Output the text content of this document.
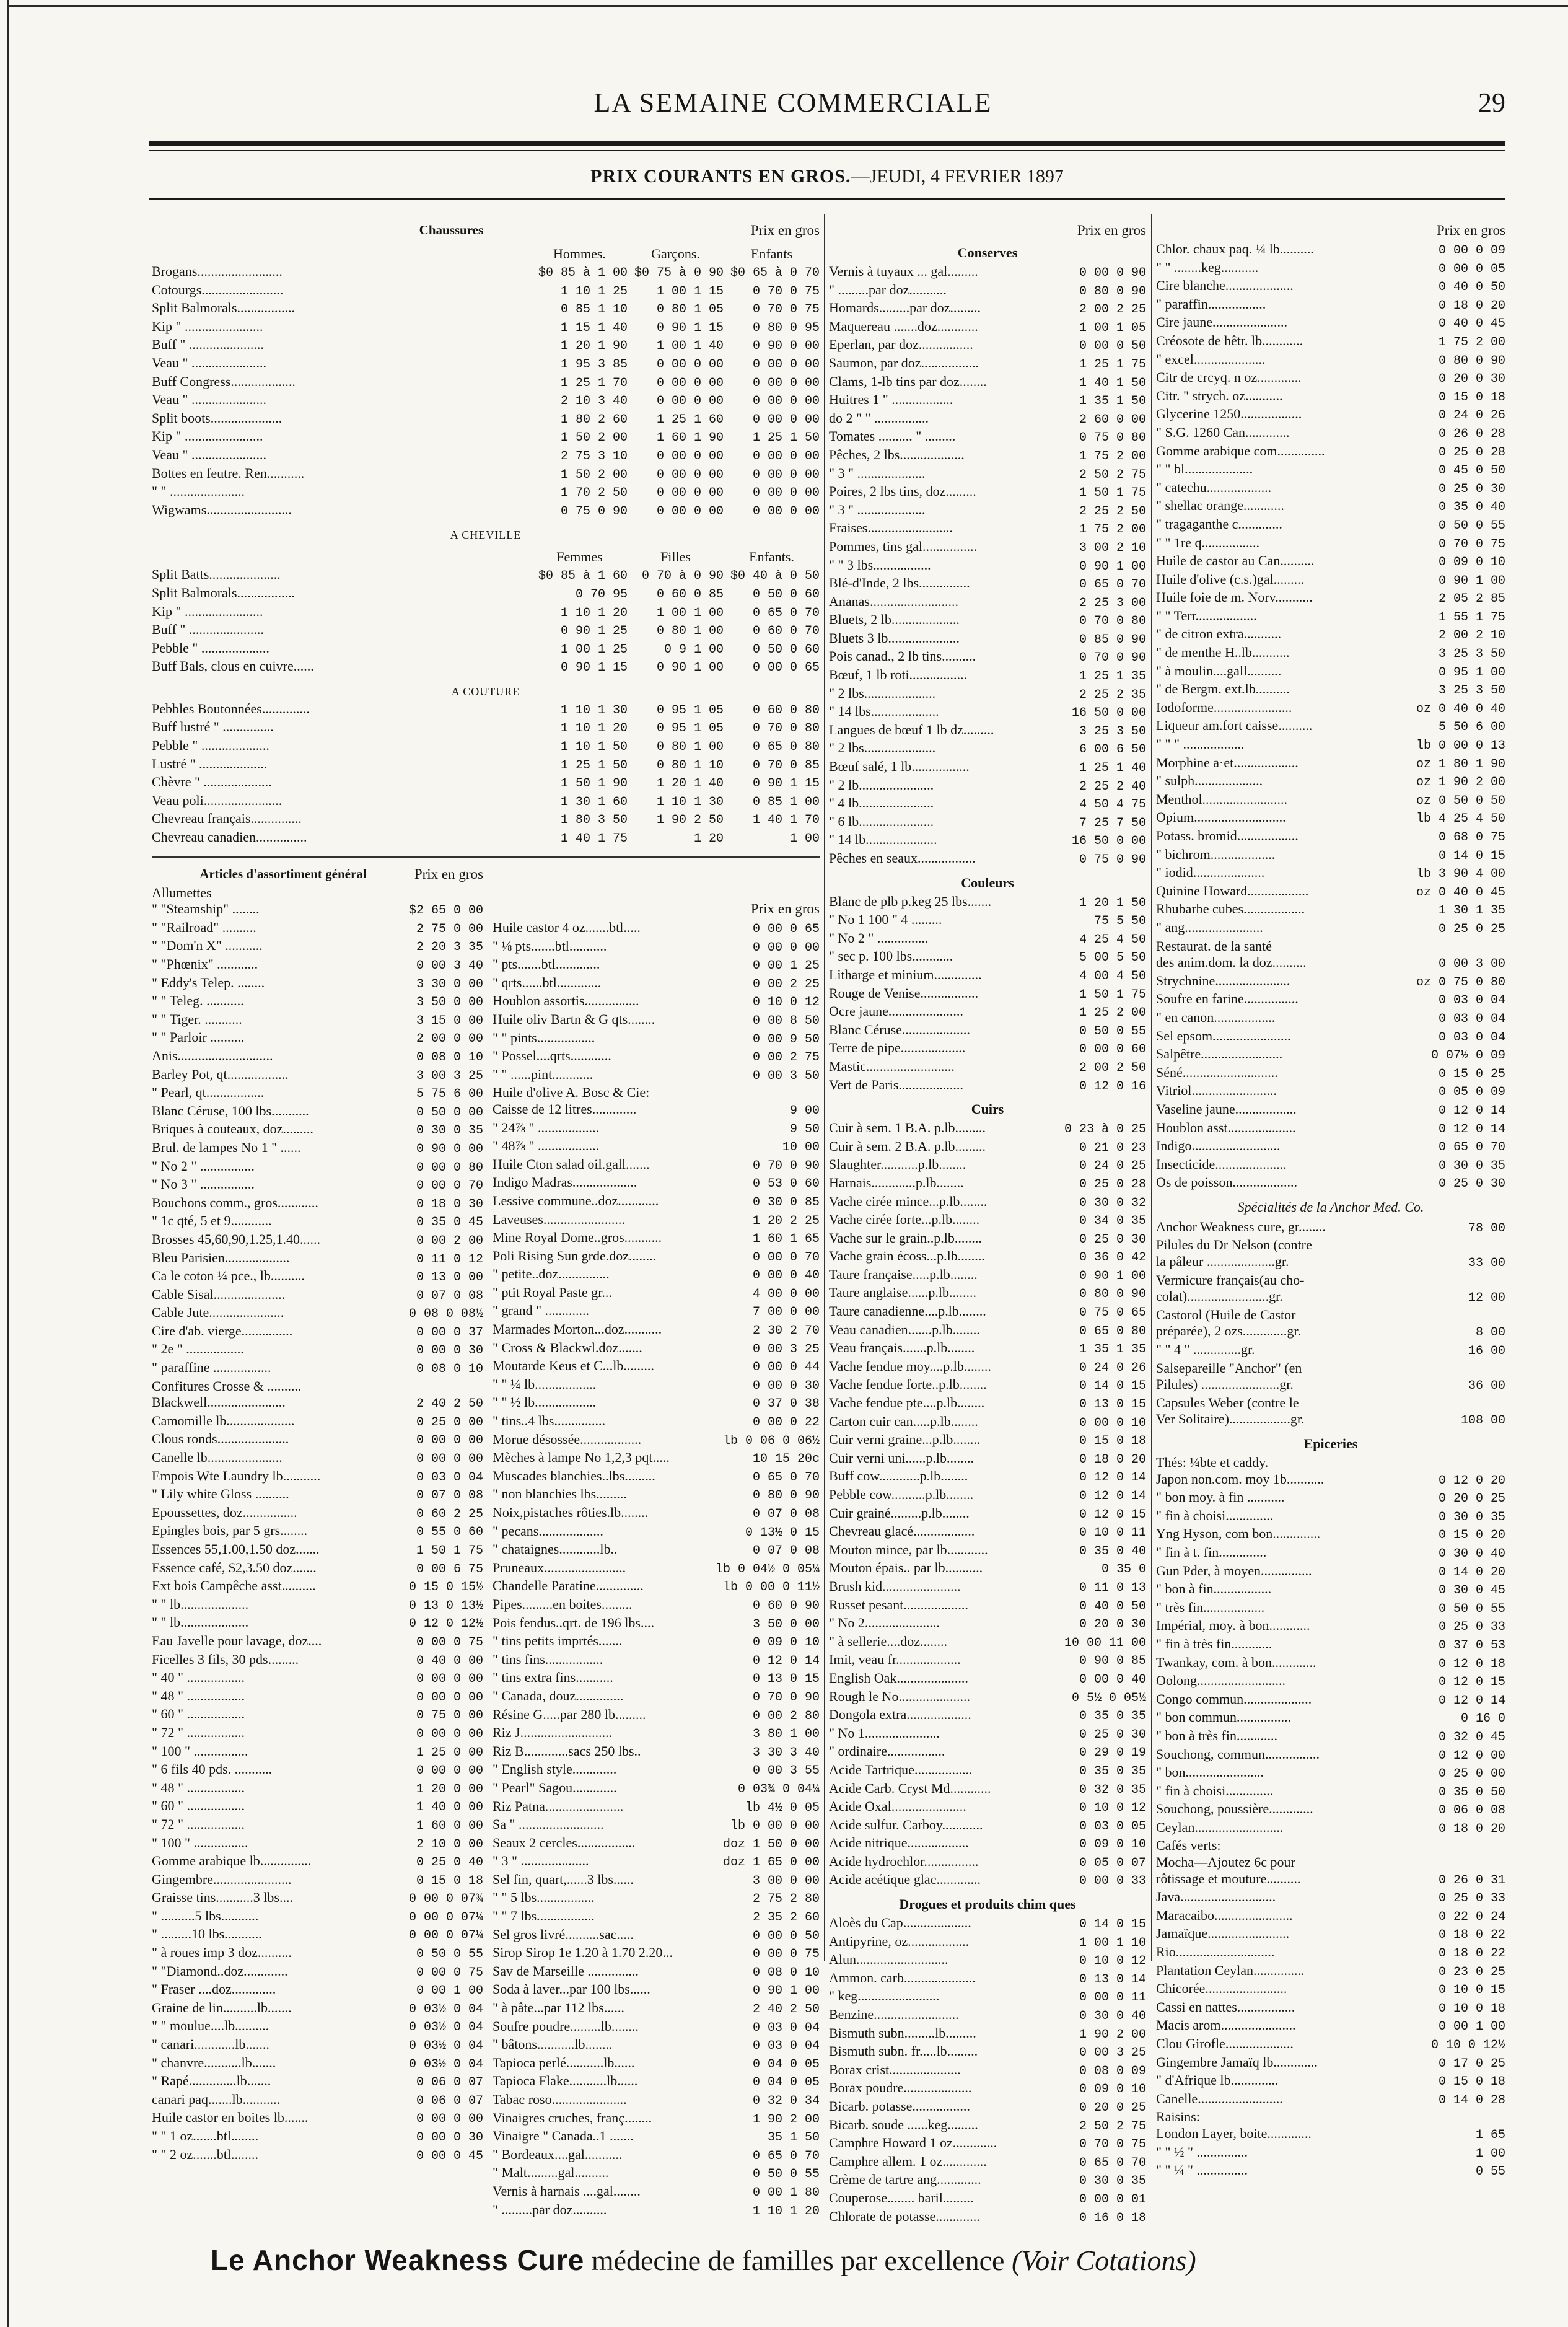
LA SEMAINE COMMERCIALE	29
PRIX COURANTS EN GROS.—JEUDI, 4 FEVRIER 1897
Chaussures	Prix en gros
Hommes.	Garçons.	Enfants
Brogans.........................	$0 85 à 1 00 $0 75 à 0 90 $0 65 à 0 70
Cotourgs........................	1 10 1 25	1 00 1 15	0 70 0 75
Split Balmorals.................	0 85 1 10	0 80 1 05	0 70 0 75
Kip " .......................	1 15 1 40	0 90 1 15	0 80 0 95
Buff " ......................	1 20 1 90	1 00 1 40	0 90 0 00
Veau " ......................	1 95 3 85	0 00 0 00	0 00 0 00
Buff Congress...................	1 25 1 70	0 00 0 00	0 00 0 00
Veau " ......................	2 10 3 40	0 00 0 00	0 00 0 00
Split boots.....................	1 80 2 60	1 25 1 60	0 00 0 00
Kip " .......................	1 50 2 00	1 60 1 90	1 25 1 50
Veau " ......................	2 75 3 10	0 00 0 00	0 00 0 00
Bottes en feutre. Ren...........	1 50 2 00	0 00 0 00	0 00 0 00
" " ......................	1 70 2 50	0 00 0 00	0 00 0 00
Wigwams.........................	0 75 0 90	0 00 0 00	0 00 0 00
A CHEVILLE
Femmes	Filles	Enfants.
Split Batts.....................	$0 85 à 1 60	0 70 à 0 90 $0 40 à 0 50
Split Balmorals.................	0 70 95	0 60 0 85	0 50 0 60
Kip " .......................	1 10 1 20	1 00 1 00	0 65 0 70
Buff " ......................	0 90 1 25	0 80 1 00	0 60 0 70
Pebble " ....................	1 00 1 25	0 9 1 00	0 50 0 60
Buff Bals, clous en cuivre......	0 90 1 15	0 90 1 00	0 00 0 65
A COUTURE
Pebbles Boutonnées..............	1 10 1 30	0 95 1 05	0 60 0 80
Buff lustré " ...............	1 10 1 20	0 95 1 05	0 70 0 80
Pebble " ....................	1 10 1 50	0 80 1 00	0 65 0 80
Lustré " ....................	1 25 1 50	0 80 1 10	0 70 0 85
Chèvre " ....................	1 50 1 90	1 20 1 40	0 90 1 15
Veau poli.......................	1 30 1 60	1 10 1 30	0 85 1 00
Chevreau français...............	1 80 3 50	1 90 2 50	1 40 1 70
Chevreau canadien...............	1 40 1 75	1 20	1 00
Articles d'assortiment général	Prix en gros
Allumettes
" "Steamship" ........	$2 65 0 00
" "Railroad" ..........	2 75 0 00
" "Dom'n X" ...........	2 20 3 35
" "Phœnix" ............	0 00 3 40
" Eddy's Telep. ........	3 30 0 00
" " Teleg. ...........	3 50 0 00
" " Tiger. ...........	3 15 0 00
" " Parloir ..........	2 00 0 00
Anis............................	0 08 0 10
Barley Pot, qt..................	3 00 3 25
" Pearl, qt.................	5 75 6 00
Blanc Céruse, 100 lbs...........	0 50 0 00
Briques à couteaux, doz.........	0 30 0 35
Brul. de lampes No 1 " ......	0 90 0 00
" No 2 " ................	0 00 0 80
" No 3 " ................	0 00 0 70
Bouchons comm., gros............	0 18 0 30
" 1c qté, 5 et 9............	0 35 0 45
Brosses 45,60,90,1.25,1.40......	0 00 2 00
Bleu Parisien...................	0 11 0 12
Ca le coton ¼ pce., lb..........	0 13 0 00
Cable Sisal.....................	0 07 0 08
Cable Jute......................	0 08 0 08½
Cire d'ab. vierge...............	0 00 0 37
" 2e " .................	0 00 0 30
" paraffine .................	0 08 0 10
Confitures Crosse & ..........
Blackwell.......................	2 40 2 50
Camomille lb....................	0 25 0 00
Clous ronds.....................	0 00 0 00
Canelle lb......................	0 00 0 00
Empois Wte Laundry lb...........	0 03 0 04
" Lily white Gloss ..........	0 07 0 08
Epoussettes, doz................	0 60 2 25
Epingles bois, par 5 grs........	0 55 0 60
Essences 55,1.00,1.50 doz.......	1 50 1 75
Essence café, $2,3.50 doz.......	0 00 6 75
Ext bois Campêche asst..........	0 15 0 15½
" " lb....................	0 13 0 13½
" " lb....................	0 12 0 12½
Eau Javelle pour lavage, doz....	0 00 0 75
Ficelles 3 fils, 30 pds.........	0 40 0 00
" 40 " .................	0 00 0 00
" 48 " .................	0 00 0 00
" 60 " .................	0 75 0 00
" 72 " .................	0 00 0 00
" 100 " ................	1 25 0 00
" 6 fils 40 pds. ...........	0 00 0 00
" 48 " .................	1 20 0 00
" 60 " .................	1 40 0 00
" 72 " .................	1 60 0 00
" 100 " ................	2 10 0 00
Gomme arabique lb...............	0 25 0 40
Gingembre.......................	0 15 0 18
Graisse tins...........3 lbs....	0 00 0 07¾
" ..........5 lbs...........	0 00 0 07¼
" .........10 lbs...........	0 00 0 07¼
" à roues imp 3 doz..........	0 50 0 55
" "Diamond..doz.............	0 00 0 75
" Fraser ....doz.............	0 00 1 00
Graine de lin..........lb.......	0 03½ 0 04
" " moulue....lb..........	0 03½ 0 04
" canari............lb.......	0 03½ 0 04
" chanvre...........lb.......	0 03½ 0 04
" Rapé..............lb.......	0 06 0 07
canari paq.......lb...........	0 06 0 07
Huile castor en boites lb.......	0 00 0 00
" " 1 oz.......btl........	0 00 0 30
" " 2 oz.......btl........	0 00 0 45
Prix en gros
Huile castor 4 oz.......btl.....	0 00 0 65
" ⅛ pts.......btl...........	0 00 0 00
" pts.......btl.............	0 00 1 25
" qrts......btl.............	0 00 2 25
Houblon assortis................	0 10 0 12
Huile oliv Bartn & G qts........	0 00 8 50
" " pints.................	0 00 9 50
" Possel....qrts............	0 00 2 75
" " ......pint............	0 00 3 50
Huile d'olive A. Bosc & Cie:
Caisse de 12 litres.............	9 00
" 24⅞ " ..................	9 50
" 48⅞ " ..................	10 00
Huile Cton salad oil.gall.......	0 70 0 90
Indigo Madras...................	0 53 0 60
Lessive commune..doz............	0 30 0 85
Laveuses........................	1 20 2 25
Mine Royal Dome..gros...........	1 60 1 65
Poli Rising Sun grde.doz........	0 00 0 70
" petite..doz...............	0 00 0 40
" ptit Royal Paste gr...	4 00 0 00
" grand " .............	7 00 0 00
Marmades Morton...doz...........	2 30 2 70
" Cross & Blackwl.doz.......	0 00 3 25
Moutarde Keus et C...lb.........	0 00 0 44
" " ¼ lb..................	0 00 0 30
" " ½ lb..................	0 37 0 38
" tins..4 lbs...............	0 00 0 22
Morue désossée..................	lb 0 06 0 06½
Mèches à lampe No 1,2,3 pqt.....	10 15 20c
Muscades blanchies..lbs.........	0 65 0 70
" non blanchies lbs.........	0 80 0 90
Noix,pistaches rôties.lb........	0 07 0 08
" pecans...................	0 13½ 0 15
" chataignes............lb..	0 07 0 08
Pruneaux........................	lb 0 04½ 0 05¼
Chandelle Paratine..............	lb 0 00 0 11½
Pipes.........en boites.........	0 60 0 90
Pois fendus..qrt. de 196 lbs....	3 50 0 00
" tins petits imprtés.......	0 09 0 10
" tins fins.................	0 12 0 14
" tins extra fins...........	0 13 0 15
" Canada, douz..............	0 70 0 90
Résine G.....par 280 lb.........	0 00 2 80
Riz J...........................	3 80 1 00
Riz B.............sacs 250 lbs..	3 30 3 40
" English style.............	0 00 3 55
" Pearl" Sagou.............	0 03¾ 0 04¼
Riz Patna.......................	lb 4½ 0 05
Sa " .........................	lb 0 00 0 00
Seaux 2 cercles.................	doz 1 50 0 00
" 3 " ....................	doz 1 65 0 00
Sel fin, quart,......3 lbs......	3 00 0 00
" " 5 lbs.................	2 75 2 80
" " 7 lbs.................	2 35 2 60
Sel gros livré..........sac.....	0 00 0 50
Sirop Sirop 1e 1.20 à 1.70 2.20...	0 00 0 75
Sav de Marseille ...............	0 08 0 10
Soda à laver...par 100 lbs......	0 90 1 00
" à pâte...par 112 lbs......	2 40 2 50
Soufre poudre.........lb........	0 03 0 04
" bâtons...........lb........	0 03 0 04
Tapioca perlé...........lb......	0 04 0 05
Tapioca Flake...........lb......	0 04 0 05
Tabac roso......................	0 32 0 34
Vinaigres cruches, franç........	1 90 2 00
Vinaigre " Canada..1 .......	35 1 50
" Bordeaux....gal...........	0 65 0 70
" Malt.........gal..........	0 50 0 55
Vernis à harnais ....gal........	0 00 1 80
" .........par doz..........	1 10 1 20
Prix en gros
Conserves
Vernis à tuyaux ... gal.........	0 00 0 90
" .........par doz...........	0 80 0 90
Homards.........par doz.........	2 00 2 25
Maquereau .......doz............	1 00 1 05
Eperlan, par doz................	0 00 0 50
Saumon, par doz.................	1 25 1 75
Clams, 1-lb tins par doz........	1 40 1 50
Huitres 1 " ..................	1 35 1 50
do 2 " " ................	2 60 0 00
Tomates .......... " .........	0 75 0 80
Pêches, 2 lbs...................	1 75 2 00
" 3 " ....................	2 50 2 75
Poires, 2 lbs tins, doz.........	1 50 1 75
" 3 " ....................	2 25 2 50
Fraises.........................	1 75 2 00
Pommes, tins gal................	3 00 2 10
" " 3 lbs.................	0 90 1 00
Blé-d'Inde, 2 lbs...............	0 65 0 70
Ananas..........................	2 25 3 00
Bluets, 2 lb....................	0 70 0 80
Bluets 3 lb.....................	0 85 0 90
Pois canad., 2 lb tins..........	0 70 0 90
Bœuf, 1 lb roti.................	1 25 1 35
" 2 lbs.....................	2 25 2 35
" 14 lbs....................	16 50 0 00
Langues de bœuf 1 lb dz.........	3 25 3 50
" 2 lbs.....................	6 00 6 50
Bœuf salé, 1 lb.................	1 25 1 40
" 2 lb......................	2 25 2 40
" 4 lb......................	4 50 4 75
" 6 lb......................	7 25 7 50
" 14 lb.....................	16 50 0 00
Pêches en seaux.................	0 75 0 90
Couleurs
Blanc de plb p.keg 25 lbs.......	1 20 1 50
" No 1 100 " 4 .........	75 5 50
" No 2 " ...............	4 25 4 50
" sec p. 100 lbs............	5 00 5 50
Litharge et minium..............	4 00 4 50
Rouge de Venise.................	1 50 1 75
Ocre jaune......................	1 25 2 00
Blanc Céruse....................	0 50 0 55
Terre de pipe...................	0 00 0 60
Mastic..........................	2 00 2 50
Vert de Paris...................	0 12 0 16
Cuirs
Cuir à sem. 1 B.A. p.lb.........	0 23 à 0 25
Cuir à sem. 2 B.A. p.lb.........	0 21 0 23
Slaughter...........p.lb........	0 24 0 25
Harnais.............p.lb........	0 25 0 28
Vache cirée mince...p.lb........	0 30 0 32
Vache cirée forte...p.lb........	0 34 0 35
Vache sur le grain..p.lb........	0 25 0 30
Vache grain écoss...p.lb........	0 36 0 42
Taure française.....p.lb........	0 90 1 00
Taure anglaise......p.lb........	0 80 0 90
Taure canadienne....p.lb........	0 75 0 65
Veau canadien.......p.lb........	0 65 0 80
Veau français.......p.lb........	1 35 1 35
Vache fendue moy....p.lb........	0 24 0 26
Vache fendue forte..p.lb........	0 14 0 15
Vache fendue pte....p.lb........	0 13 0 15
Carton cuir can.....p.lb........	0 00 0 10
Cuir verni graine...p.lb........	0 15 0 18
Cuir verni uni......p.lb........	0 18 0 20
Buff cow............p.lb........	0 12 0 14
Pebble cow..........p.lb........	0 12 0 14
Cuir grainé.........p.lb........	0 12 0 15
Chevreau glacé..................	0 10 0 11
Mouton mince, par lb............	0 35 0 40
Mouton épais.. par lb...........	0 35 0
Brush kid.......................	0 11 0 13
Russet pesant...................	0 40 0 50
" No 2......................	0 20 0 30
" à sellerie....doz........	10 00 11 00
Imit, veau fr...................	0 90 0 85
English Oak.....................	0 00 0 40
Rough le No.....................	0 5½ 0 05½
Dongola extra...................	0 35 0 35
" No 1......................	0 25 0 30
" ordinaire.................	0 29 0 19
Acide Tartrique.................	0 35 0 35
Acide Carb. Cryst Md............	0 32 0 35
Acide Oxal......................	0 10 0 12
Acide sulfur. Carboy............	0 03 0 05
Acide nitrique..................	0 09 0 10
Acide hydrochlor................	0 05 0 07
Acide acétique glac.............	0 00 0 33
Drogues et produits chim ques
Aloès du Cap....................	0 14 0 15
Antipyrine, oz..................	1 00 1 10
Alun...........................	0 10 0 12
Ammon. carb.....................	0 13 0 14
" keg........................	0 00 0 11
Benzine.........................	0 30 0 40
Bismuth subn.........lb.........	1 90 2 00
Bismuth subn. fr.....lb.........	0 00 3 25
Borax crist.....................	0 08 0 09
Borax poudre....................	0 09 0 10
Bicarb. potasse.................	0 20 0 25
Bicarb. soude ......keg.........	2 50 2 75
Camphre Howard 1 oz.............	0 70 0 75
Camphre allem. 1 oz.............	0 65 0 70
Crème de tartre ang.............	0 30 0 35
Couperose........ baril.........	0 00 0 01
Chlorate de potasse.............	0 16 0 18
Prix en gros
Chlor. chaux paq. ¼ lb..........	0 00 0 09
" " ........keg...........	0 00 0 05
Cire blanche....................	0 40 0 50
" paraffin.................	0 18 0 20
Cire jaune......................	0 40 0 45
Créosote de hêtr. lb............	1 75 2 00
" excel.....................	0 80 0 90
Citr de crcyq. n oz.............	0 20 0 30
Citr. " strych. oz...........	0 15 0 18
Glycerine 1250..................	0 24 0 26
" S.G. 1260 Can.............	0 26 0 28
Gomme arabique com..............	0 25 0 28
" " bl....................	0 45 0 50
" catechu...................	0 25 0 30
" shellac orange............	0 35 0 40
" tragaganthe c.............	0 50 0 55
" " 1re q.................	0 70 0 75
Huile de castor au Can..........	0 09 0 10
Huile d'olive (c.s.)gal.........	0 90 1 00
Huile foie de m. Norv...........	2 05 2 85
" " Terr..................	1 55 1 75
" de citron extra...........	2 00 2 10
" de menthe H..lb...........	3 25 3 50
" à moulin....gall..........	0 95 1 00
" de Bergm. ext.lb..........	3 25 3 50
Iodoforme.......................	oz 0 40 0 40
Liqueur am.fort caisse..........	5 50 6 00
" " " ..................	lb 0 00 0 13
Morphine a·et...................	oz 1 80 1 90
" sulph....................	oz 1 90 2 00
Menthol.........................	oz 0 50 0 50
Opium...........................	lb 4 25 4 50
Potass. bromid..................	0 68 0 75
" bichrom...................	0 14 0 15
" iodid.....................	lb 3 90 4 00
Quinine Howard..................	oz 0 40 0 45
Rhubarbe cubes..................	1 30 1 35
" ang.......................	0 25 0 25
Restaurat. de la santé
des anim.dom. la doz..........	0 00 3 00
Strychnine......................	oz 0 75 0 80
Soufre en farine................	0 03 0 04
" en canon..................	0 03 0 04
Sel epsom.......................	0 03 0 04
Salpêtre........................	0 07½ 0 09
Séné............................	0 15 0 25
Vitriol.........................	0 05 0 09
Vaseline jaune..................	0 12 0 14
Houblon asst....................	0 12 0 14
Indigo..........................	0 65 0 70
Insecticide.....................	0 30 0 35
Os de poisson...................	0 25 0 30
Spécialités de la Anchor Med. Co.
Anchor Weakness cure, gr........	78 00
Pilules du Dr Nelson (contre
la pâleur ....................gr.	33 00
Vermicure français(au cho-
colat)........................gr.	12 00
Castorol (Huile de Castor
préparée), 2 ozs.............gr.	8 00
" " 4 " ..............gr.	16 00
Salsepareille "Anchor" (en
Pilules) .......................gr.	36 00
Capsules Weber (contre le
Ver Solitaire)..................gr.	108 00
Epiceries
Thés: ¼bte et caddy.
Japon non.com. moy 1b...........	0 12 0 20
" bon moy. à fin ...........	0 20 0 25
" fin à choisi..............	0 30 0 35
Yng Hyson, com bon..............	0 15 0 20
" fin à t. fin..............	0 30 0 40
Gun Pder, à moyen...............	0 14 0 20
" bon à fin.................	0 30 0 45
" très fin..................	0 50 0 55
Impérial, moy. à bon............	0 25 0 33
" fin à très fin............	0 37 0 53
Twankay, com. à bon.............	0 12 0 18
Oolong..........................	0 12 0 15
Congo commun....................	0 12 0 14
" bon commun................	0 16 0
" bon à très fin............	0 32 0 45
Souchong, commun................	0 12 0 00
" bon.......................	0 25 0 00
" fin à choisi..............	0 35 0 50
Souchong, poussière.............	0 06 0 08
Ceylan..........................	0 18 0 20
Cafés verts:
Mocha—Ajoutez 6c pour
rôtissage et mouture..........	0 26 0 31
Java............................	0 25 0 33
Maracaibo.......................	0 22 0 24
Jamaïque........................	0 18 0 22
Rio.............................	0 18 0 22
Plantation Ceylan...............	0 23 0 25
Chicorée........................	0 10 0 15
Cassi en nattes.................	0 10 0 18
Macis arom......................	0 00 1 00
Clou Girofle....................	0 10 0 12½
Gingembre Jamaïq lb.............	0 17 0 25
" d'Afrique lb..............	0 15 0 18
Canelle.........................	0 14 0 28
Raisins:
London Layer, boite.............	1 65
" " ½ " ...............	1 00
" " ¼ " ...............	0 55
Le Anchor Weakness Cure médecine de familles par excellence (Voir Cotations)
